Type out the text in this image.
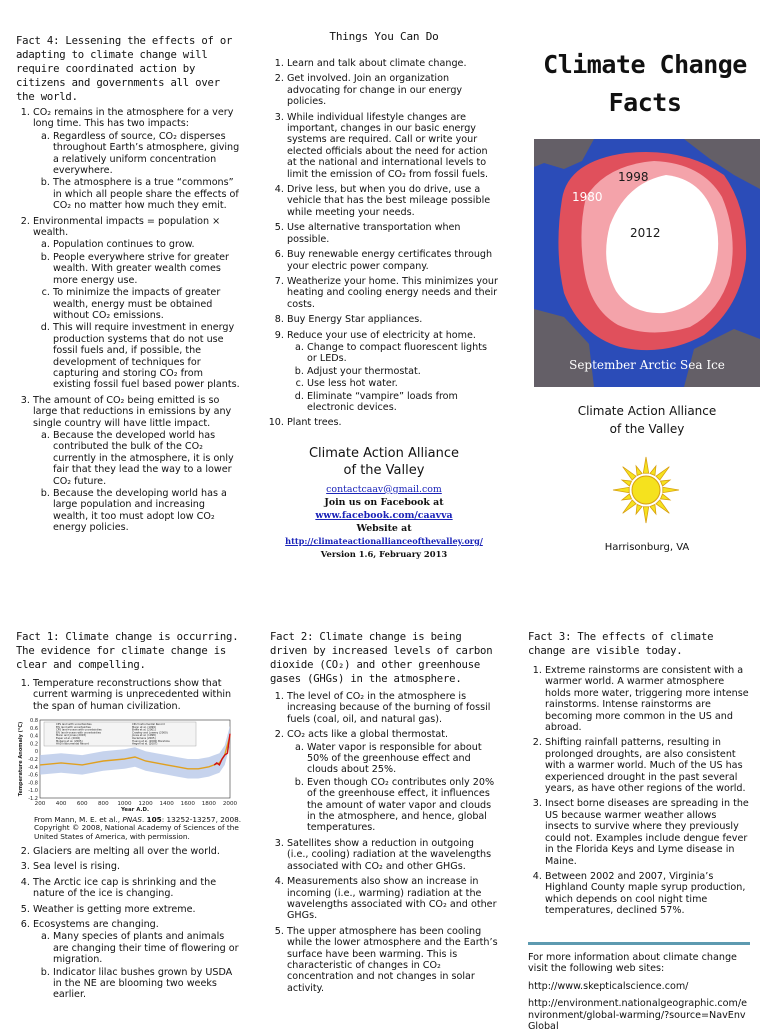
Fact 4: Lessening the effects of or adapting to climate change will require coordinated action by citizens and governments all over the world.
1. CO₂ remains in the atmosphere for a very long time. This has two impacts:
a. Regardless of source, CO₂ disperses throughout Earth’s atmosphere, giving a relatively uniform concentration everywhere.
b. The atmosphere is a true “commons” in which all people share the effects of CO₂ no matter how much they emit.
2. Environmental impacts = population × wealth.
a. Population continues to grow.
b. People everywhere strive for greater wealth. With greater wealth comes more energy use.
c. To minimize the impacts of greater wealth, energy must be obtained without CO₂ emissions.
d. This will require investment in energy production systems that do not use fossil fuels and, if possible, the development of techniques for capturing and storing CO₂ from existing fossil fuel based power plants.
3. The amount of CO₂ being emitted is so large that reductions in emissions by any single country will have little impact.
a. Because the developed world has contributed the bulk of the CO₂ currently in the atmosphere, it is only fair that they lead the way to a lower CO₂ future.
b. Because the developing world has a large population and increasing wealth, it too must adopt low CO₂ energy policies.
Things You Can Do
1. Learn and talk about climate change.
2. Get involved. Join an organization advocating for change in our energy policies.
3. While individual lifestyle changes are important, changes in our basic energy systems are required. Call or write your elected officials about the need for action at the national and international levels to limit the emission of CO₂ from fossil fuels.
4. Drive less, but when you do drive, use a vehicle that has the best mileage possible while meeting your needs.
5. Use alternative transportation when possible.
6. Buy renewable energy certificates through your electric power company.
7. Weatherize your home. This minimizes your heating and cooling energy needs and their costs.
8. Buy Energy Star appliances.
9. Reduce your use of electricity at home.
a. Change to compact fluorescent lights or LEDs.
b. Adjust your thermostat.
c. Use less hot water.
d. Eliminate “vampire” loads from electronic devices.
10. Plant trees.
Climate Action Alliance
of the Valley
contactcaav@gmail.com
Join us on Facebook at
www.facebook.com/caavva
Website at
http://climateactionallianceofthevalley.org/
Version 1.6, February 2013
Climate Change
Facts
1998
1980
2012
September Arctic Sea Ice
Climate Action Alliance
of the Valley
Harrisonburg, VA
Fact 1: Climate change is occurring. The evidence for climate change is clear and compelling.
1. Temperature reconstructions show that current warming is unprecedented within the span of human civilization.
CPS land with uncertainties
EIV land with uncertainties
CPS land+ocean with uncertainties
EIV land+ocean with uncertainties
Mann and Jones (2003)
Esper et al. (2002)
Moberg et al. (2005)
HAD Instrumental Record
CRU Instrumental Record
Mann et al. (1999)
Briffa et al. (2001)
Crowley and Lowery (2000)
Jones et al. (1998)
Oerlemans (2005)
Huang et al. (2000) Borehole
Hegerl et al. (2007)
200 400 600 800 1000 1200 1400 1600 1800 2000
0.8
0.6
0.4
0.2
0
-0.2
-0.4
-0.6
-0.8
-1.0
-1.2
Year A.D.
Temperature Anomaly (°C)
From Mann, M. E. et al., PNAS. 105: 13252-13257, 2008. Copyright © 2008, National Academy of Sciences of the United States of America, with permission.
2. Glaciers are melting all over the world.
3. Sea level is rising.
4. The Arctic ice cap is shrinking and the nature of the ice is changing.
5. Weather is getting more extreme.
6. Ecosystems are changing.
a. Many species of plants and animals are changing their time of flowering or migration.
b. Indicator lilac bushes grown by USDA in the NE are blooming two weeks earlier.
Fact 2: Climate change is being driven by increased levels of carbon dioxide (CO₂) and other greenhouse gases (GHGs) in the atmosphere.
1. The level of CO₂ in the atmosphere is increasing because of the burning of fossil fuels (coal, oil, and natural gas).
2. CO₂ acts like a global thermostat.
a. Water vapor is responsible for about 50% of the greenhouse effect and clouds about 25%.
b. Even though CO₂ contributes only 20% of the greenhouse effect, it influences the amount of water vapor and clouds in the atmosphere, and hence, global temperatures.
3. Satellites show a reduction in outgoing (i.e., cooling) radiation at the wavelengths associated with CO₂ and other GHGs.
4. Measurements also show an increase in incoming (i.e., warming) radiation at the wavelengths associated with CO₂ and other GHGs.
5. The upper atmosphere has been cooling while the lower atmosphere and the Earth’s surface have been warming. This is characteristic of changes in CO₂ concentration and not changes in solar activity.
Fact 3: The effects of climate change are visible today.
1. Extreme rainstorms are consistent with a warmer world. A warmer atmosphere holds more water, triggering more intense rainstorms. Intense rainstorms are becoming more common in the US and abroad.
2. Shifting rainfall patterns, resulting in prolonged droughts, are also consistent with a warmer world. Much of the US has experienced drought in the past several years, as have other regions of the world.
3. Insect borne diseases are spreading in the US because warmer weather allows insects to survive where they previously could not. Examples include dengue fever in the Florida Keys and Lyme disease in Maine.
4. Between 2002 and 2007, Virginia’s Highland County maple syrup production, which depends on cool night time temperatures, declined 57%.
For more information about climate change visit the following web sites:
http://www.skepticalscience.com/
http://environment.nationalgeographic.com/environment/global-warming/?source=NavEnvGlobal
